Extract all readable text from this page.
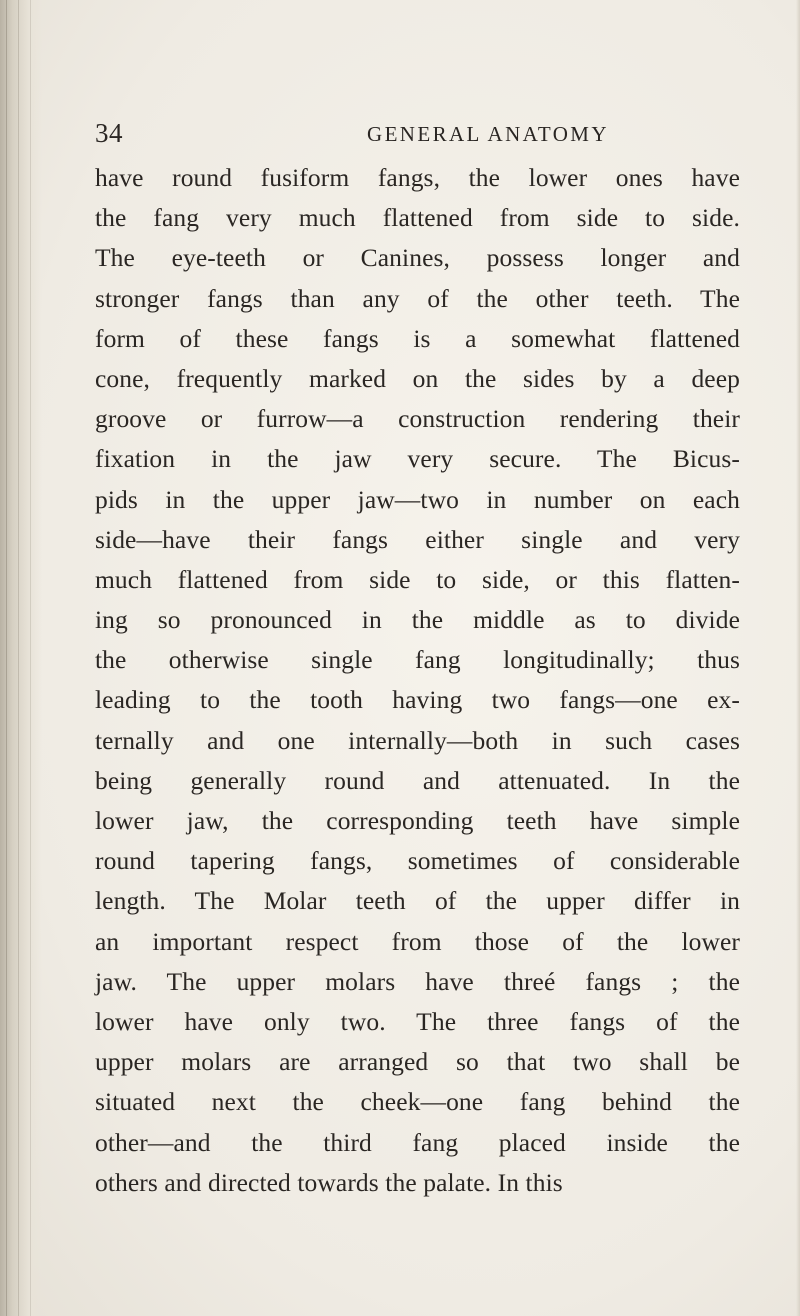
34	GENERAL ANATOMY
have round fusiform fangs, the lower ones have
the fang very much flattened from side to side.
The eye-teeth or Canines, possess longer and
stronger fangs than any of the other teeth. The
form of these fangs is a somewhat flattened
cone, frequently marked on the sides by a deep
groove or furrow—a construction rendering their
fixation in the jaw very secure. The Bicus-
pids in the upper jaw—two in number on each
side—have their fangs either single and very
much flattened from side to side, or this flatten-
ing so pronounced in the middle as to divide
the otherwise single fang longitudinally; thus
leading to the tooth having two fangs—one ex-
ternally and one internally—both in such cases
being generally round and attenuated. In the
lower jaw, the corresponding teeth have simple
round tapering fangs, sometimes of considerable
length. The Molar teeth of the upper differ in
an important respect from those of the lower
jaw. The upper molars have threé fangs ; the
lower have only two. The three fangs of the
upper molars are arranged so that two shall be
situated next the cheek—one fang behind the
other—and the third fang placed inside the
others and directed towards the palate. In this
